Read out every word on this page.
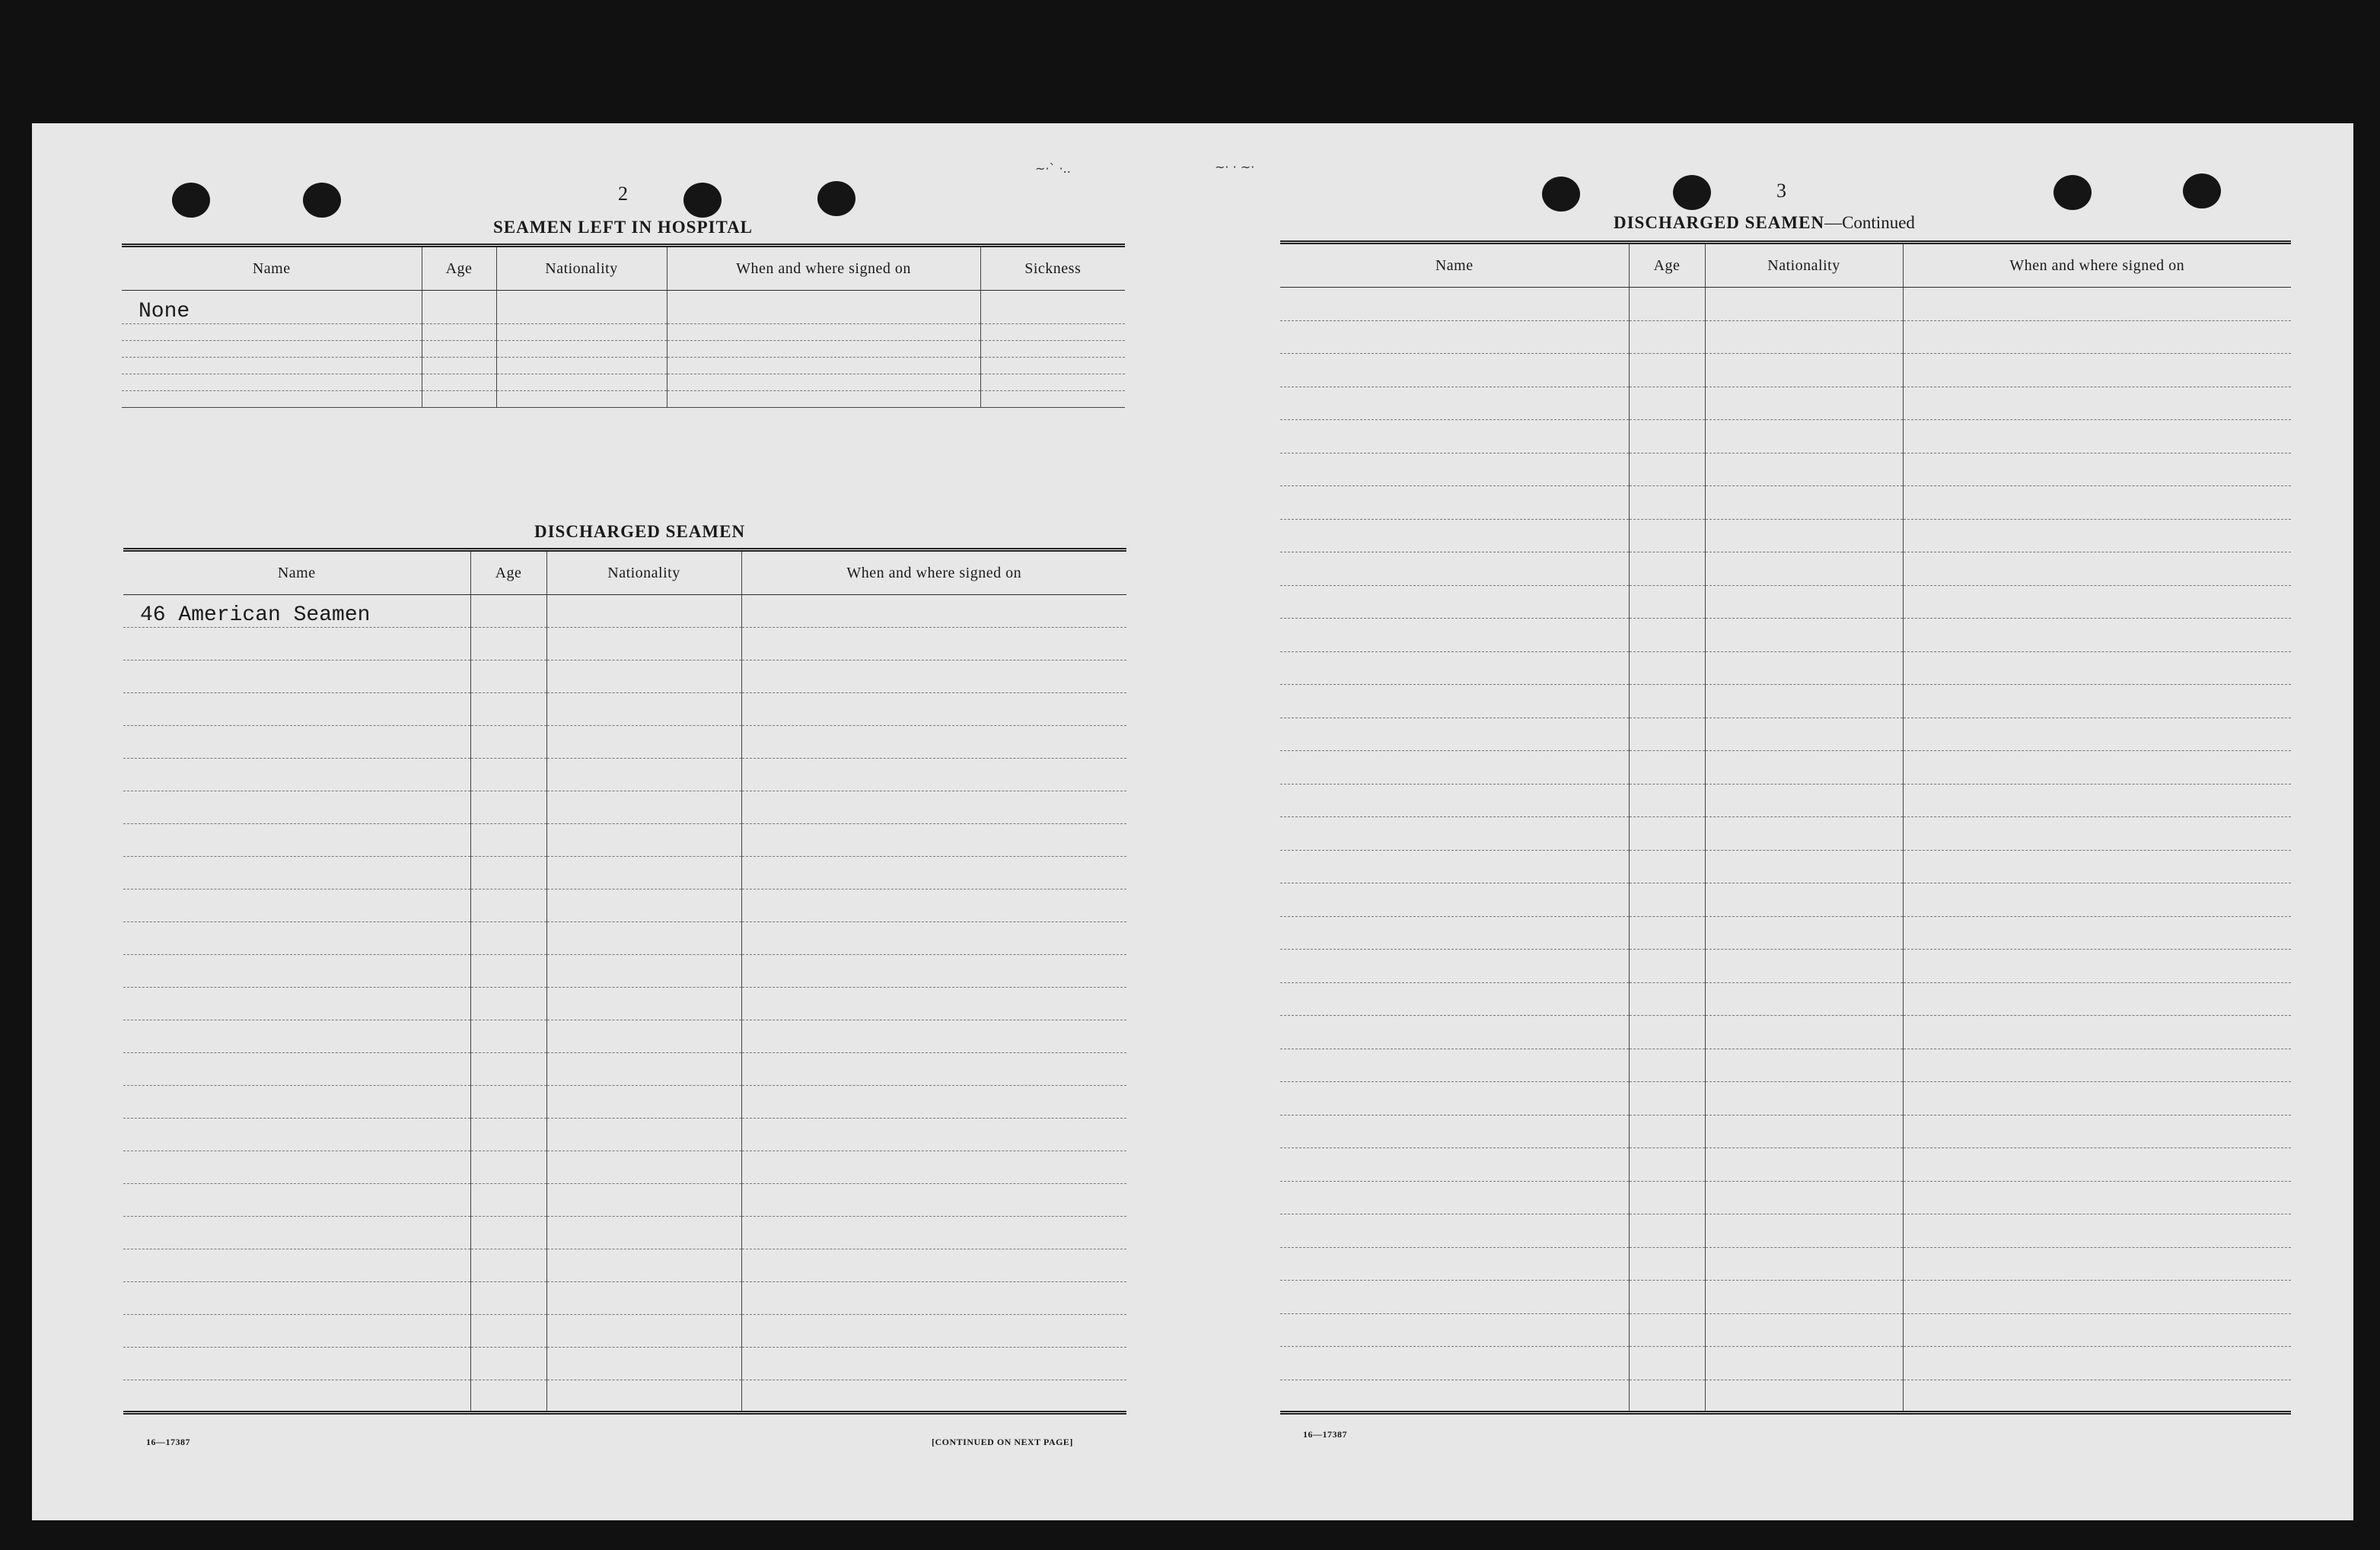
~·` ·..	~· · ~·
2
SEAMEN LEFT IN HOSPITAL
Name	Age	Nationality	When and where signed on	Sickness
None				

DISCHARGED SEAMEN
Name	Age	Nationality	When and where signed on
46 American Seamen			

16—17387	[CONTINUED ON NEXT PAGE]
3
DISCHARGED SEAMEN—Continued
Name	Age	Nationality	When and where signed on

16—17387
